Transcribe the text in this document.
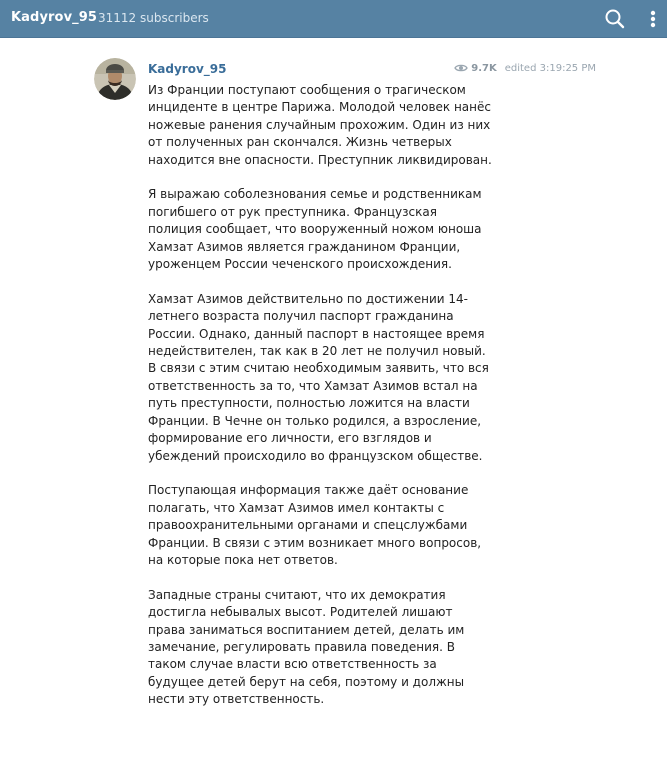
Kadyrov_95 31112 subscribers
Kadyrov_95	9.7K edited 3:19:25 PM

Из Франции поступают сообщения о трагическом инциденте в центре Парижа. Молодой человек нанёс ножевые ранения случайным прохожим. Один из них от полученных ран скончался. Жизнь четверых находится вне опасности. Преступник ликвидирован.

Я выражаю соболезнования семье и родственникам погибшего от рук преступника. Французская полиция сообщает, что вооруженный ножом юноша Хамзат Азимов является гражданином Франции, уроженцем России чеченского происхождения.

Хамзат Азимов действительно по достижении 14-летнего возраста получил паспорт гражданина России. Однако, данный паспорт в настоящее время недействителен, так как в 20 лет не получил новый. В связи с этим считаю необходимым заявить, что вся ответственность за то, что Хамзат Азимов встал на путь преступности, полностью ложится на власти Франции. В Чечне он только родился, а взросление, формирование его личности, его взглядов и убеждений происходило во французском обществе.

Поступающая информация также даёт основание полагать, что Хамзат Азимов имел контакты с правоохранительными органами и спецслужбами Франции. В связи с этим возникает много вопросов, на которые пока нет ответов.

Западные страны считают, что их демократия достигла небывалых высот. Родителей лишают права заниматься воспитанием детей, делать им замечание, регулировать правила поведения. В таком случае власти всю ответственность за будущее детей берут на себя, поэтому и должны нести эту ответственность.
